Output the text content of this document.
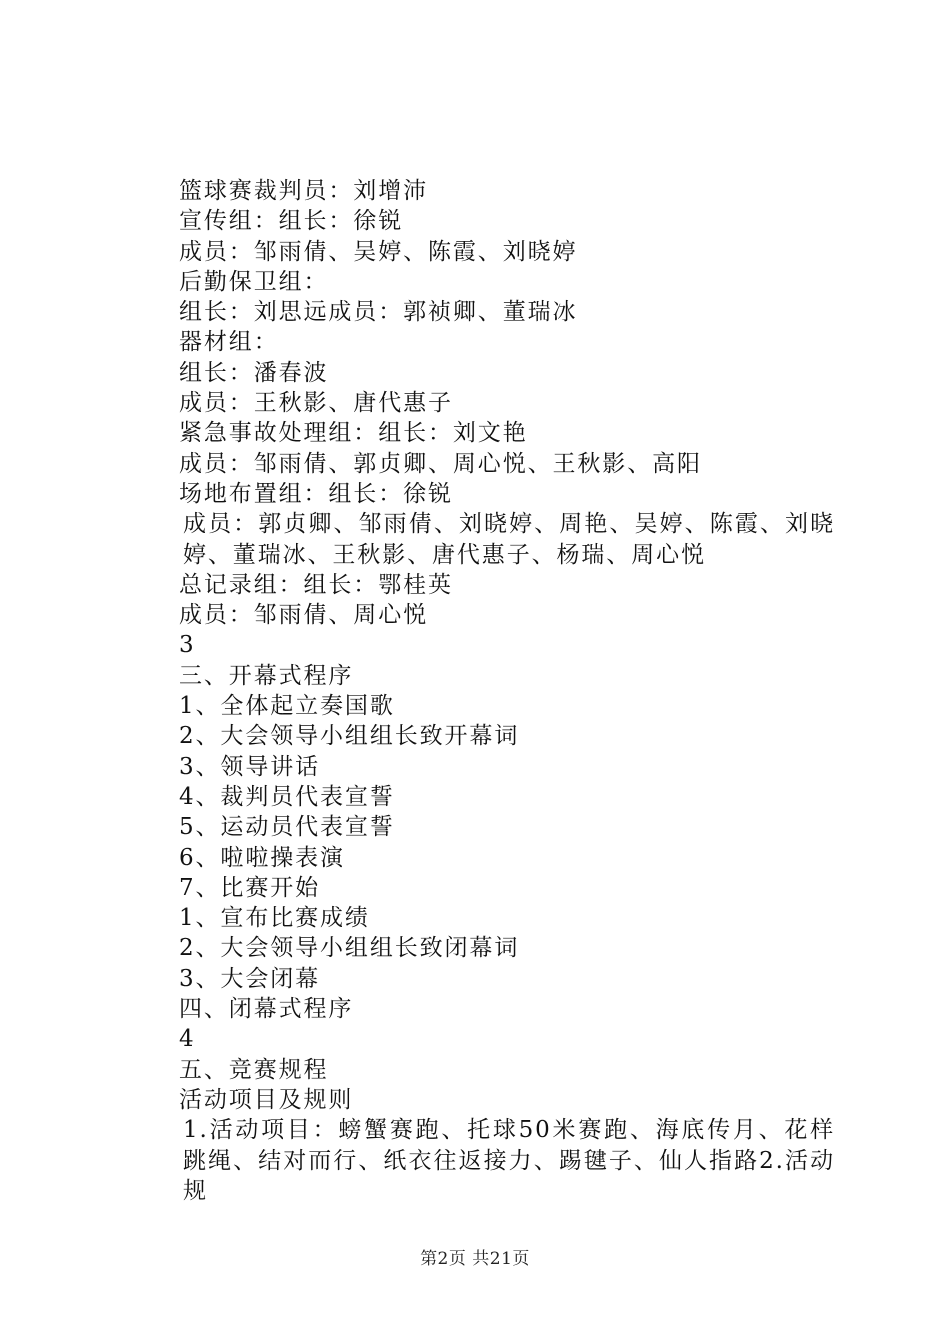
篮球赛裁判员：刘增沛

宣传组：组长：徐锐

成员：邹雨倩、吴婷、陈霞、刘晓婷

后勤保卫组：

组长：刘思远成员：郭祯卿、董瑞冰

器材组：

组长：潘春波

成员：王秋影、唐代惠子

紧急事故处理组：组长：刘文艳

成员：邹雨倩、郭贞卿、周心悦、王秋影、高阳

场地布置组：组长：徐锐

成员：郭贞卿、邹雨倩、刘晓婷、周艳、吴婷、陈霞、刘晓婷、董瑞冰、王秋影、唐代惠子、杨瑞、周心悦

总记录组：组长：鄂桂英

成员：邹雨倩、周心悦

3

三、开幕式程序

1、全体起立奏国歌

2、大会领导小组组长致开幕词

3、领导讲话

4、裁判员代表宣誓

5、运动员代表宣誓

6、啦啦操表演

7、比赛开始

1、宣布比赛成绩

2、大会领导小组组长致闭幕词

3、大会闭幕

四、闭幕式程序

4

五、竞赛规程

活动项目及规则

1.活动项目：螃蟹赛跑、托球50米赛跑、海底传月、花样跳绳、结对而行、纸衣往返接力、踢毽子、仙人指路2.活动规

第2页 共21页
